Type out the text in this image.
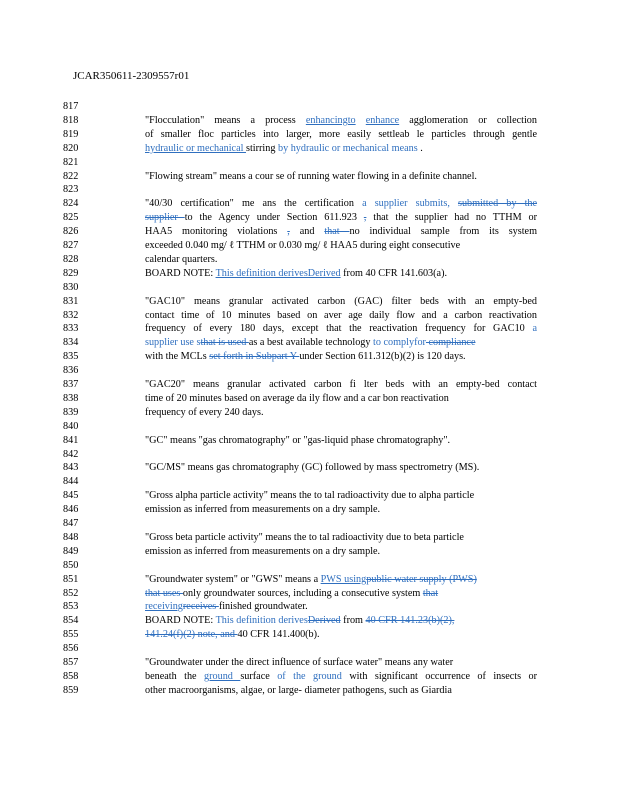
JCAR350611-2309557r01
817
818	"Flocculation" means a process enhancingto enhance agglomeration or collection
819	of smaller floc particles into larger, more easily settleab le particles through gentle
820	hydraulic or mechanical stirring by hydraulic or mechanical means .
821
822	"Flowing stream" means a cour se of running water flowing in a definite channel.
823
824	"40/30 certification" me ans the certification a supplier submits, submitted by the
825	supplier to the Agency under Section 611.923 , that the supplier had no TTHM or
826	HAA5 monitoring violations , and that no individual sample from its system
827	exceeded 0.040 mg/ ℓ TTHM or 0.030 mg/ ℓ HAA5 during eight consecutive
828	calendar quarters.
829	BOARD NOTE: This definition derivesDerived from 40 CFR 141.603(a).
830
831	"GAC10" means granular activated carbon (GAC) filter beds with an empty-bed
832	contact time of 10 minutes based on aver age daily flow and a carbon reactivation
833	frequency of every 180 days, except that the reactivation frequency for GAC10 a
834	supplier use sthat is used as a best available technology to complyfor compliance
835	with the MCLs set forth in Subpart Y under Section 611.312(b)(2) is 120 days.
836
837	"GAC20" means granular activated carbon fi lter beds with an empty-bed contact
838	time of 20 minutes based on average da ily flow and a car bon reactivation
839	frequency of every 240 days.
840
841	"GC" means "gas chromatography" or "gas-liquid phase chromatography".
842
843	"GC/MS" means gas chromatography (GC) followed by mass spectrometry (MS).
844
845	"Gross alpha particle activity" means the to tal radioactivity due to alpha particle
846	emission as inferred from measurements on a dry sample.
847
848	"Gross beta particle activity" means the to tal radioactivity due to beta particle
849	emission as inferred from measurements on a dry sample.
850
851	"Groundwater system" or "GWS" means a PWS usingpublic water supply (PWS)
852	that uses only groundwater sources, including a consecutive system that
853	receivingreceives finished groundwater.
854	BOARD NOTE: This definition derivesDerived from 40 CFR 141.23(b)(2),
855	141.24(f)(2) note, and 40 CFR 141.400(b).
856
857	"Groundwater under the direct influence of surface water" means any water
858	beneath the ground surface of the ground with significant occurrence of insects or
859	other macroorganisms, algae, or large- diameter pathogens, such as Giardia
